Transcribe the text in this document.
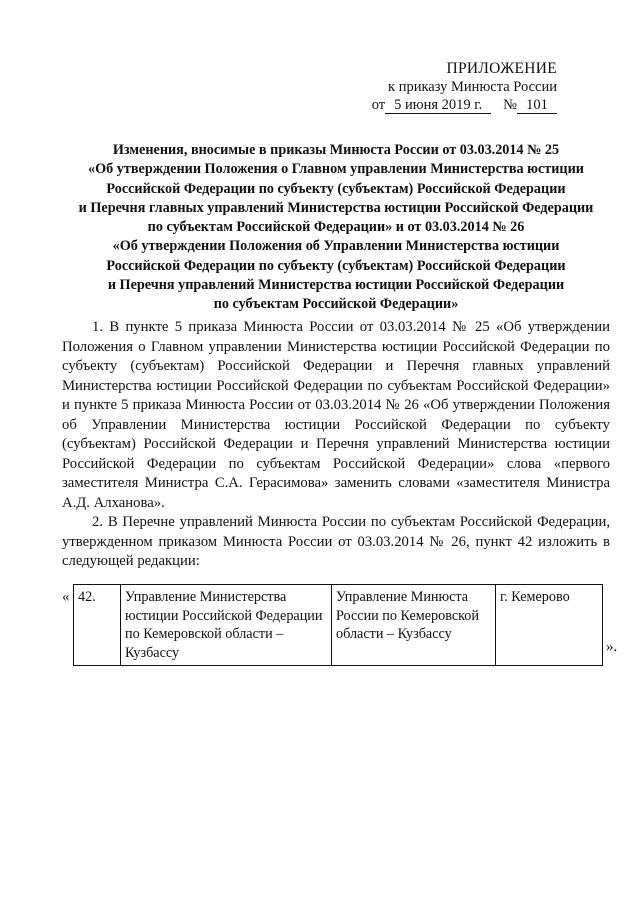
ПРИЛОЖЕНИЕ
к приказу Минюста России
от 5 июня 2019 г.	№ 101
Изменения, вносимые в приказы Минюста России от 03.03.2014 № 25
«Об утверждении Положения о Главном управлении Министерства юстиции
Российской Федерации по субъекту (субъектам) Российской Федерации
и Перечня главных управлений Министерства юстиции Российской Федерации
по субъектам Российской Федерации» и от 03.03.2014 № 26
«Об утверждении Положения об Управлении Министерства юстиции
Российской Федерации по субъекту (субъектам) Российской Федерации
и Перечня управлений Министерства юстиции Российской Федерации
по субъектам Российской Федерации»
1. В пункте 5 приказа Минюста России от 03.03.2014 № 25 «Об утверждении Положения о Главном управлении Министерства юстиции Российской Федерации по субъекту (субъектам) Российской Федерации и Перечня главных управлений Министерства юстиции Российской Федерации по субъектам Российской Федерации» и пункте 5 приказа Минюста России от 03.03.2014 № 26 «Об утверждении Положения об Управлении Министерства юстиции Российской Федерации по субъекту (субъектам) Российской Федерации и Перечня управлений Министерства юстиции Российской Федерации по субъектам Российской Федерации» слова «первого заместителя Министра С.А. Герасимова» заменить словами «заместителя Министра А.Д. Алханова».
2. В Перечне управлений Минюста России по субъектам Российской Федерации, утвержденном приказом Минюста России от 03.03.2014 № 26, пункт 42 изложить в следующей редакции:
« 42.	Управление Министерства юстиции Российской Федерации по Кемеровской области – Кузбассу	Управление Минюста России по Кемеровской области – Кузбассу	г. Кемерово
».
